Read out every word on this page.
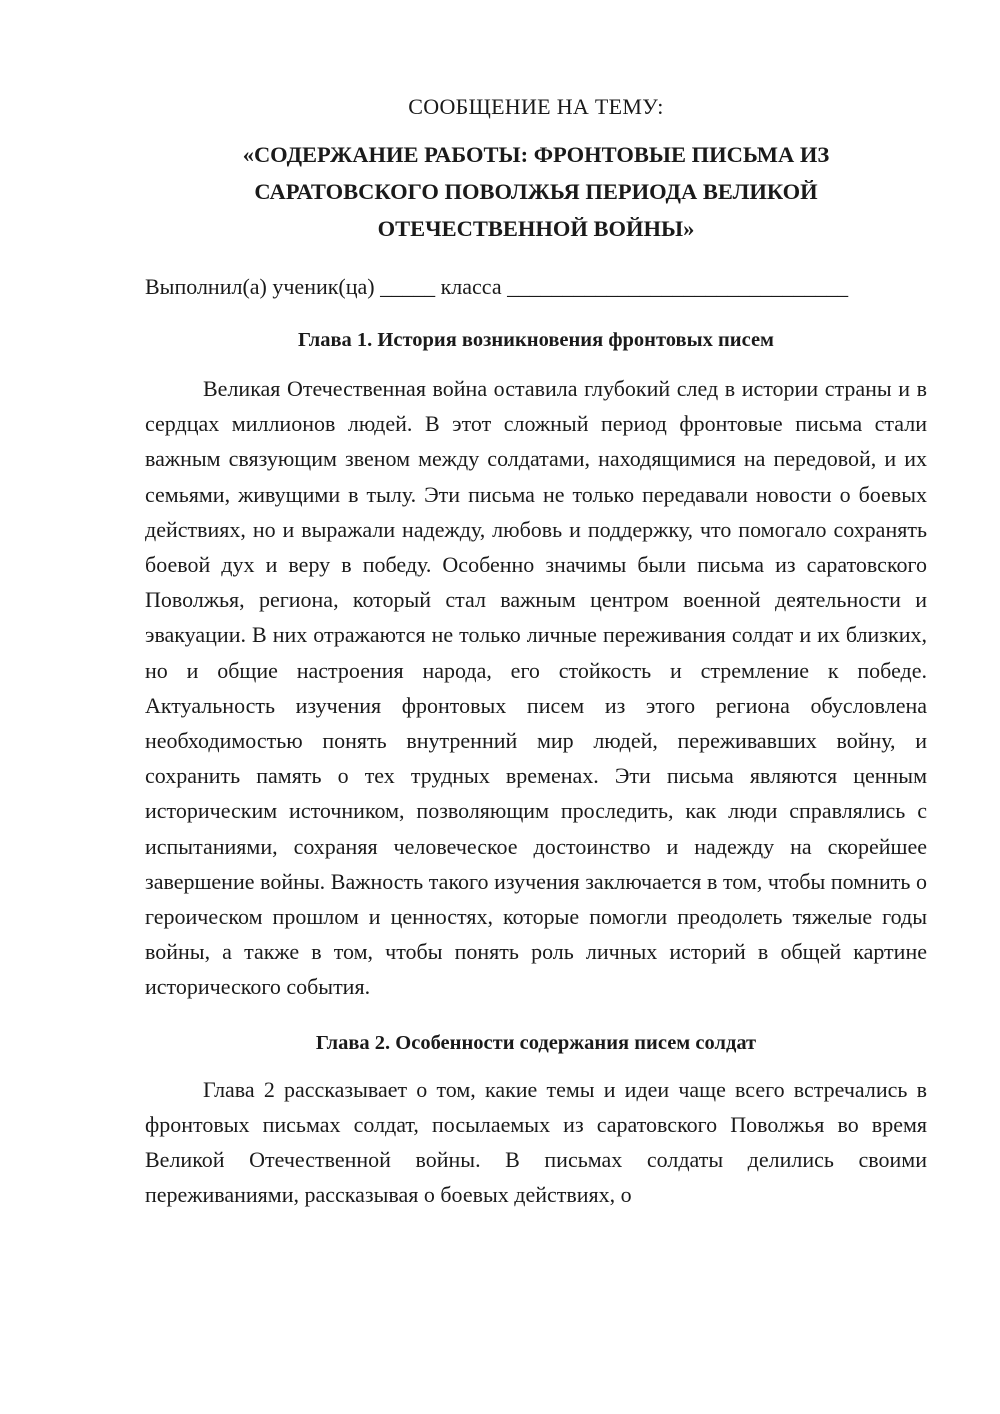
СООБЩЕНИЕ НА ТЕМУ:

«СОДЕРЖАНИЕ РАБОТЫ: ФРОНТОВЫЕ ПИСЬМА ИЗ
САРАТОВСКОГО ПОВОЛЖЬЯ ПЕРИОДА ВЕЛИКОЙ
ОТЕЧЕСТВЕННОЙ ВОЙНЫ»

Выполнил(а) ученик(ца) _____ класса _______________________________

Глава 1. История возникновения фронтовых писем

Великая Отечественная война оставила глубокий след в истории страны и в сердцах миллионов людей. В этот сложный период фронтовые письма стали важным связующим звеном между солдатами, находящимися на передовой, и их семьями, живущими в тылу. Эти письма не только передавали новости о боевых действиях, но и выражали надежду, любовь и поддержку, что помогало сохранять боевой дух и веру в победу. Особенно значимы были письма из саратовского Поволжья, региона, который стал важным центром военной деятельности и эвакуации. В них отражаются не только личные переживания солдат и их близких, но и общие настроения народа, его стойкость и стремление к победе. Актуальность изучения фронтовых писем из этого региона обусловлена необходимостью понять внутренний мир людей, переживавших войну, и сохранить память о тех трудных временах. Эти письма являются ценным историческим источником, позволяющим проследить, как люди справлялись с испытаниями, сохраняя человеческое достоинство и надежду на скорейшее завершение войны. Важность такого изучения заключается в том, чтобы помнить о героическом прошлом и ценностях, которые помогли преодолеть тяжелые годы войны, а также в том, чтобы понять роль личных историй в общей картине исторического события.

Глава 2. Особенности содержания писем солдат

Глава 2 рассказывает о том, какие темы и идеи чаще всего встречались в фронтовых письмах солдат, посылаемых из саратовского Поволжья во время Великой Отечественной войны. В письмах солдаты делились своими переживаниями, рассказывая о боевых действиях, о
